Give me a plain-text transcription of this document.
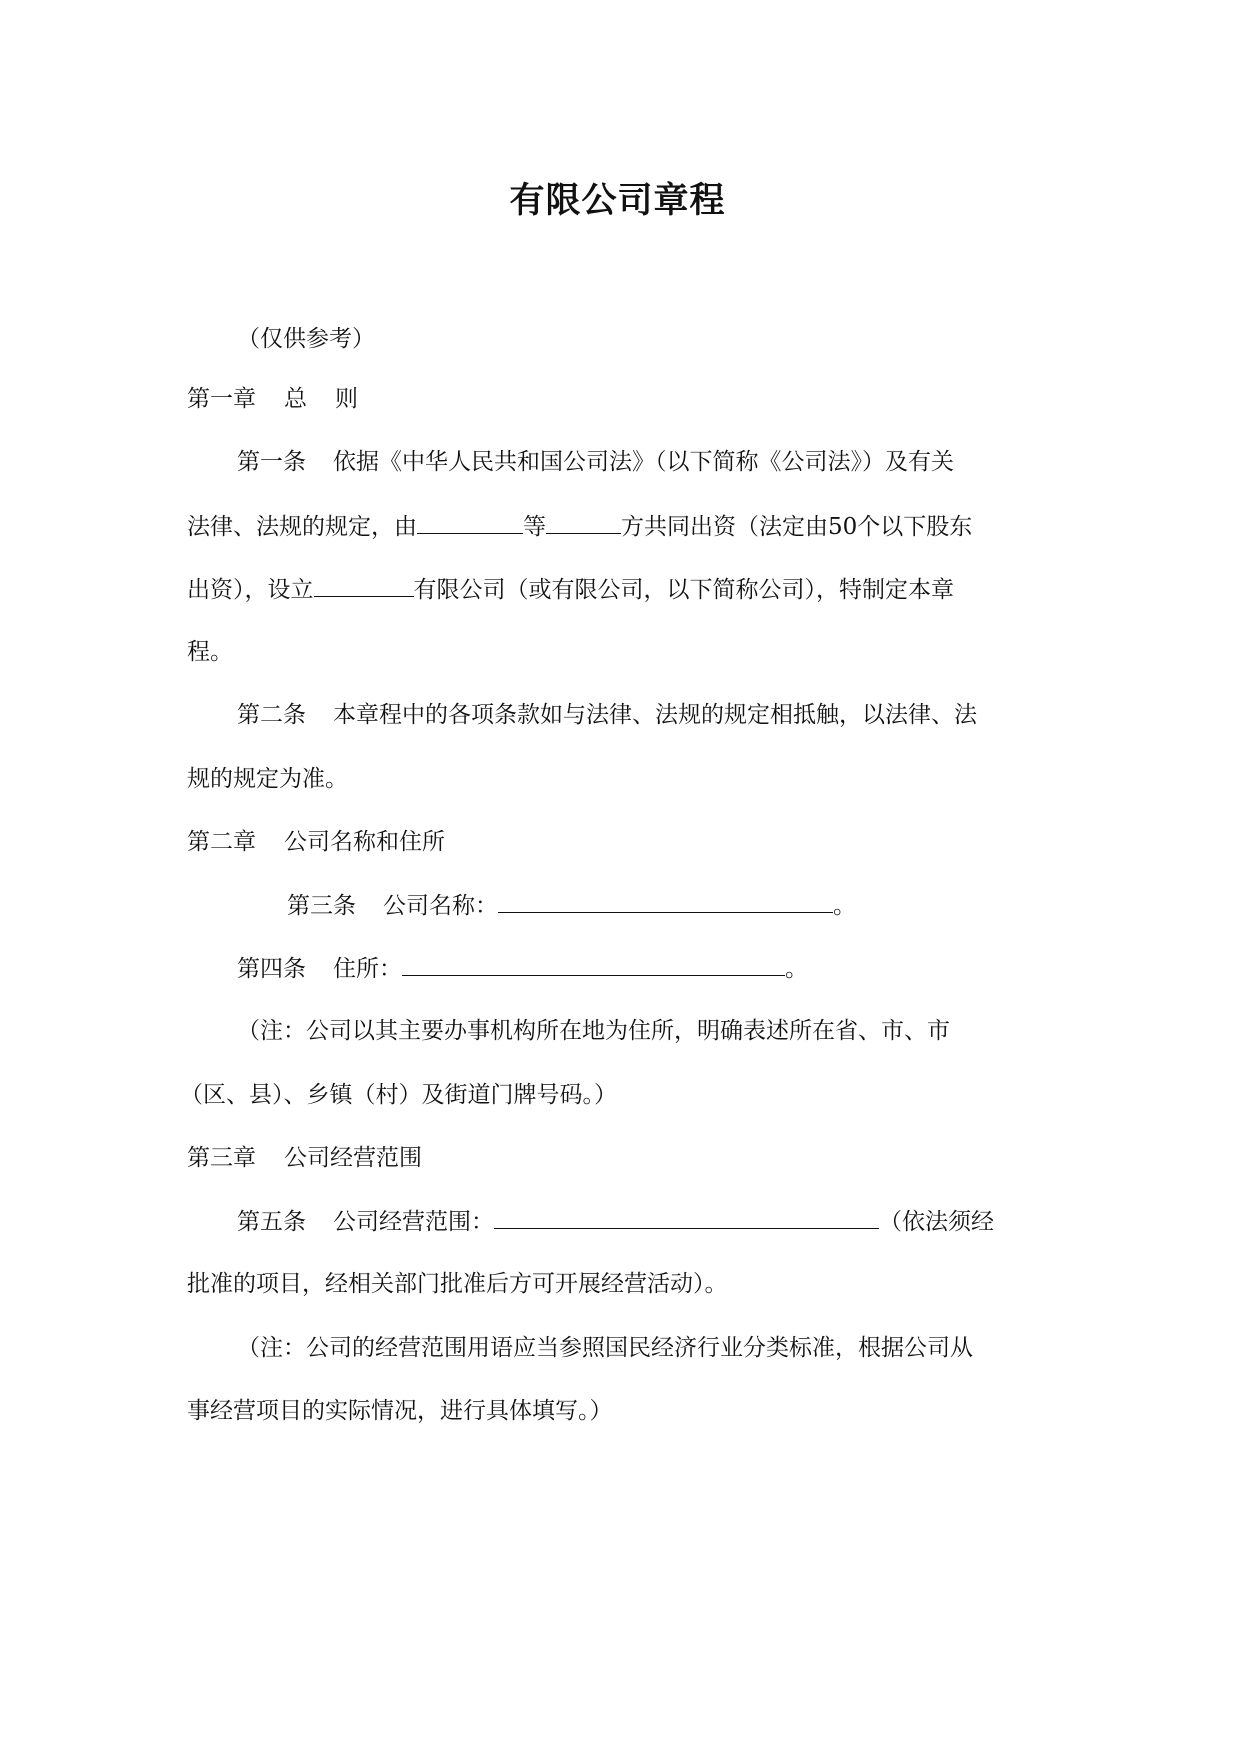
有限公司章程
（仅供参考）
第一章 总 则
第一条 依据《中华人民共和国公司法》（以下简称《公司法》）及有关
法律、法规的规定，由	等	方共同出资（法定由50个以下股东
出资），设立	有限公司（或有限公司，以下简称公司），特制定本章
程。
第二条 本章程中的各项条款如与法律、法规的规定相抵触，以法律、法
规的规定为准。
第二章 公司名称和住所
第三条 公司名称：	。
第四条 住所：	。
（注：公司以其主要办事机构所在地为住所，明确表述所在省、市、市
（区、县）、乡镇（村）及街道门牌号码。）
第三章 公司经营范围
第五条 公司经营范围：	（依法须经
批准的项目，经相关部门批准后方可开展经营活动）。
（注：公司的经营范围用语应当参照国民经济行业分类标准，根据公司从
事经营项目的实际情况，进行具体填写。）
